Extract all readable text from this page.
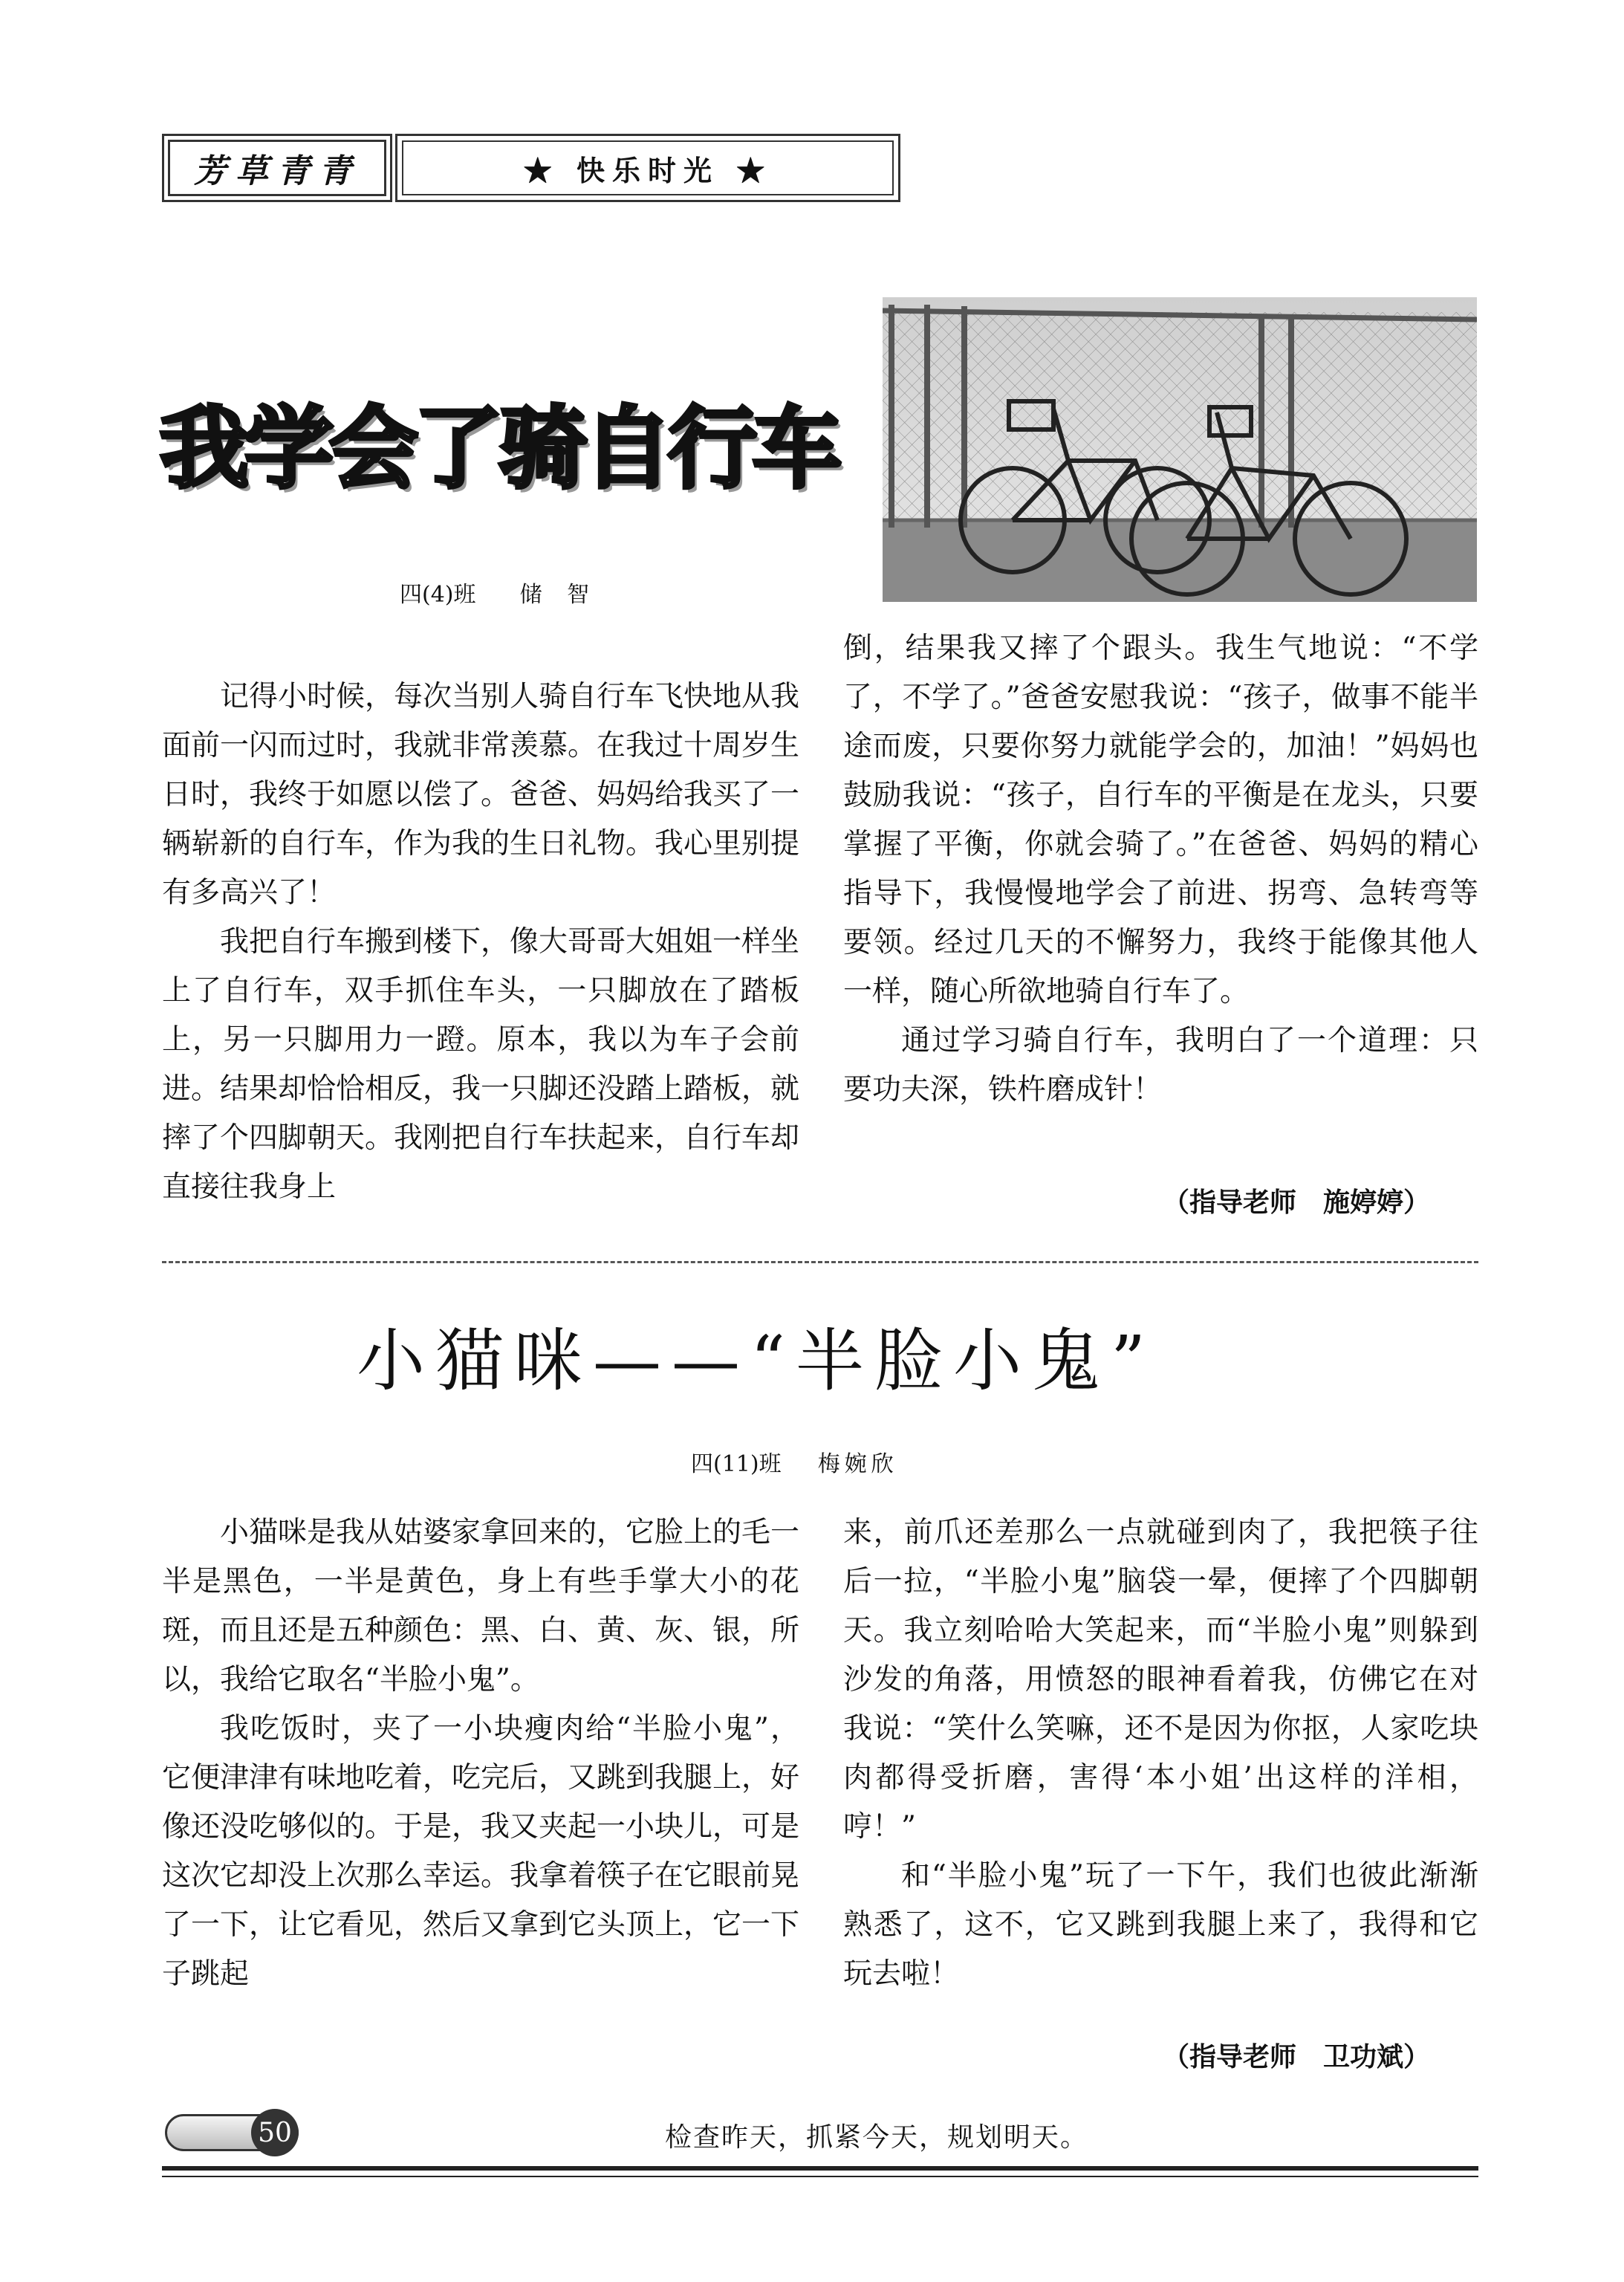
芳草青青	★ 快乐时光 ★
我学会了骑自行车
四(4)班 储 智

记得小时候，每次当别人骑自行车飞快地从我面前一闪而过时，我就非常羡慕。在我过十周岁生日时，我终于如愿以偿了。爸爸、妈妈给我买了一辆崭新的自行车，作为我的生日礼物。我心里别提有多高兴了！

我把自行车搬到楼下，像大哥哥大姐姐一样坐上了自行车，双手抓住车头，一只脚放在了踏板上，另一只脚用力一蹬。原本，我以为车子会前进。结果却恰恰相反，我一只脚还没踏上踏板，就摔了个四脚朝天。我刚把自行车扶起来，自行车却直接往我身上

倒，结果我又摔了个跟头。我生气地说：“不学了，不学了。”爸爸安慰我说：“孩子，做事不能半途而废，只要你努力就能学会的，加油！”妈妈也鼓励我说：“孩子，自行车的平衡是在龙头，只要掌握了平衡，你就会骑了。”在爸爸、妈妈的精心指导下，我慢慢地学会了前进、拐弯、急转弯等要领。经过几天的不懈努力，我终于能像其他人一样，随心所欲地骑自行车了。

通过学习骑自行车，我明白了一个道理：只要功夫深，铁杵磨成针！

（指导老师　施婷婷）
小猫咪——“半脸小鬼”
四(11)班 梅婉欣

小猫咪是我从姑婆家拿回来的，它脸上的毛一半是黑色，一半是黄色，身上有些手掌大小的花斑，而且还是五种颜色：黑、白、黄、灰、银，所以，我给它取名“半脸小鬼”。

我吃饭时，夹了一小块瘦肉给“半脸小鬼”，它便津津有味地吃着，吃完后，又跳到我腿上，好像还没吃够似的。于是，我又夹起一小块儿，可是这次它却没上次那么幸运。我拿着筷子在它眼前晃了一下，让它看见，然后又拿到它头顶上，它一下子跳起

来，前爪还差那么一点就碰到肉了，我把筷子往后一拉，“半脸小鬼”脑袋一晕，便摔了个四脚朝天。我立刻哈哈大笑起来，而“半脸小鬼”则躲到沙发的角落，用愤怒的眼神看着我，仿佛它在对我说：“笑什么笑嘛，还不是因为你抠，人家吃块肉都得受折磨，害得‘本小姐’出这样的洋相，哼！”

和“半脸小鬼”玩了一下午，我们也彼此渐渐熟悉了，这不，它又跳到我腿上来了，我得和它玩去啦！

（指导老师　卫功斌）
50	检查昨天，抓紧今天，规划明天。
